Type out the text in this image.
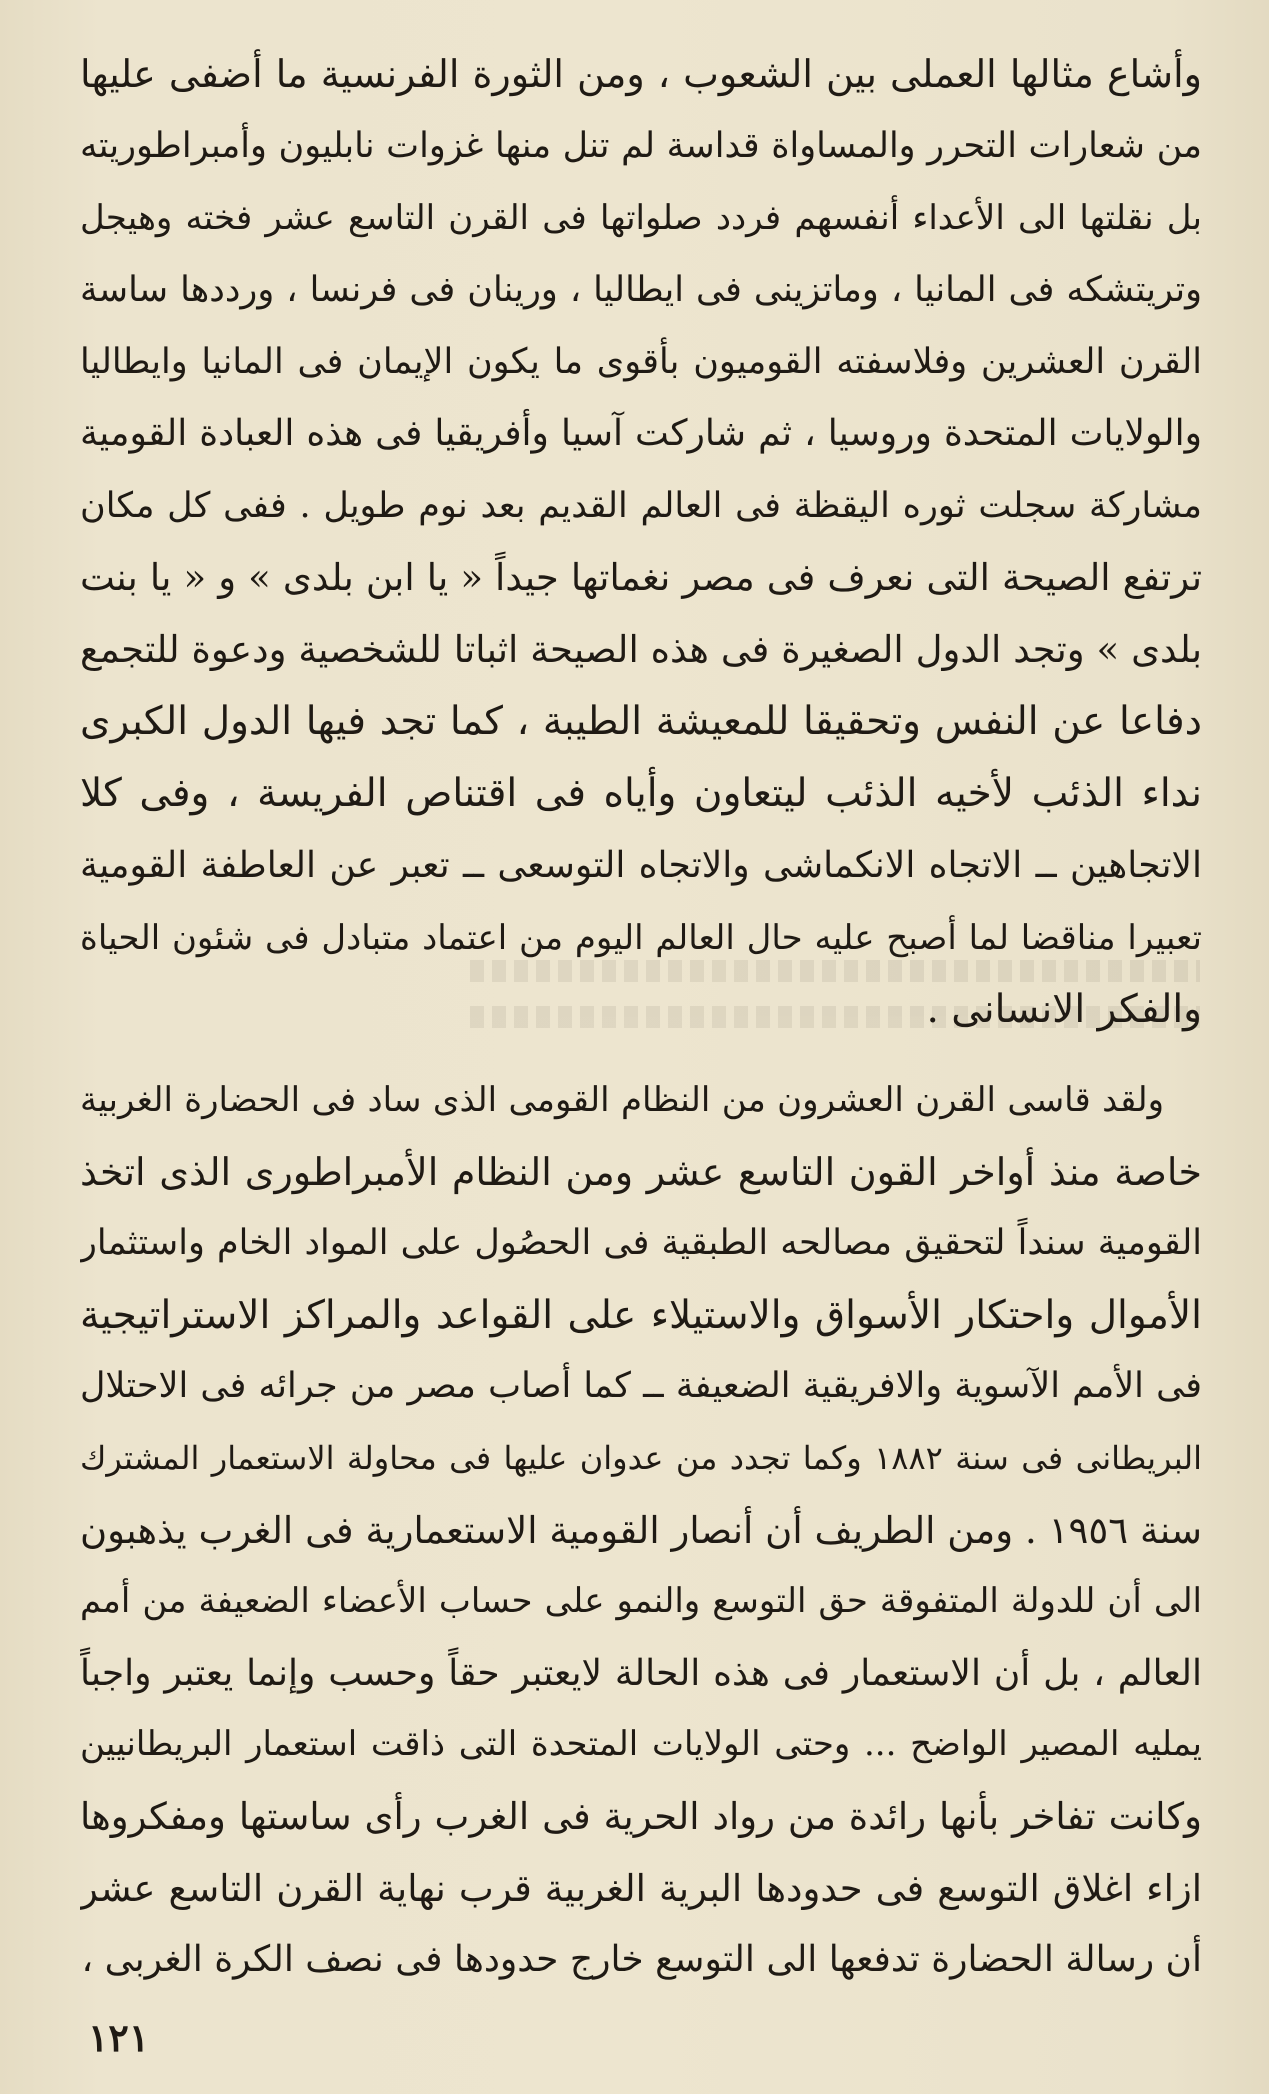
وأشاع مثالها العملى بين الشعوب ، ومن الثورة الفرنسية ما أضفى عليها
من شعارات التحرر والمساواة قداسة لم تنل منها غزوات نابليون وأمبراطوريته
بل نقلتها الى الأعداء أنفسهم فردد صلواتها فى القرن التاسع عشر فخته وهيجل
وتريتشكه فى المانيا ، وماتزينى فى ايطاليا ، ورينان فى فرنسا ، ورددها ساسة
القرن العشرين وفلاسفته القوميون بأقوى ما يكون الإيمان فى المانيا وايطاليا
والولايات المتحدة وروسيا ، ثم شاركت آسيا وأفريقيا فى هذه العبادة القومية
مشاركة سجلت ثوره اليقظة فى العالم القديم بعد نوم طويل . ففى كل مكان
ترتفع الصيحة التى نعرف فى مصر نغماتها جيداً « يا ابن بلدى » و « يا بنت
بلدى » وتجد الدول الصغيرة فى هذه الصيحة اثباتا للشخصية ودعوة للتجمع
دفاعا عن النفس وتحقيقا للمعيشة الطيبة ، كما تجد فيها الدول الكبرى
نداء الذئب لأخيه الذئب ليتعاون وأياه فى اقتناص الفريسة ، وفى كلا
الاتجاهين ــ الاتجاه الانكماشى والاتجاه التوسعى ــ تعبر عن العاطفة القومية
تعبيرا مناقضا لما أصبح عليه حال العالم اليوم من اعتماد متبادل فى شئون الحياة
والفكر الانسانى .
ولقد قاسى القرن العشرون من النظام القومى الذى ساد فى الحضارة الغربية
خاصة منذ أواخر القون التاسع عشر ومن النظام الأمبراطورى الذى اتخذ
القومية سنداً لتحقيق مصالحه الطبقية فى الحصُول على المواد الخام واستثمار
الأموال واحتكار الأسواق والاستيلاء على القواعد والمراكز الاستراتيجية
فى الأمم الآسوية والافريقية الضعيفة ــ كما أصاب مصر من جرائه فى الاحتلال
البريطانى فى سنة ١٨٨٢ وكما تجدد من عدوان عليها فى محاولة الاستعمار المشترك
سنة ١٩٥٦ . ومن الطريف أن أنصار القومية الاستعمارية فى الغرب يذهبون
الى أن للدولة المتفوقة حق التوسع والنمو على حساب الأعضاء الضعيفة من أمم
العالم ، بل أن الاستعمار فى هذه الحالة لايعتبر حقاً وحسب وإنما يعتبر واجباً
يمليه المصير الواضح ... وحتى الولايات المتحدة التى ذاقت استعمار البريطانيين
وكانت تفاخر بأنها رائدة من رواد الحرية فى الغرب رأى ساستها ومفكروها
ازاء اغلاق التوسع فى حدودها البرية الغربية قرب نهاية القرن التاسع عشر
أن رسالة الحضارة تدفعها الى التوسع خارج حدودها فى نصف الكرة الغربى ،
١٢١
